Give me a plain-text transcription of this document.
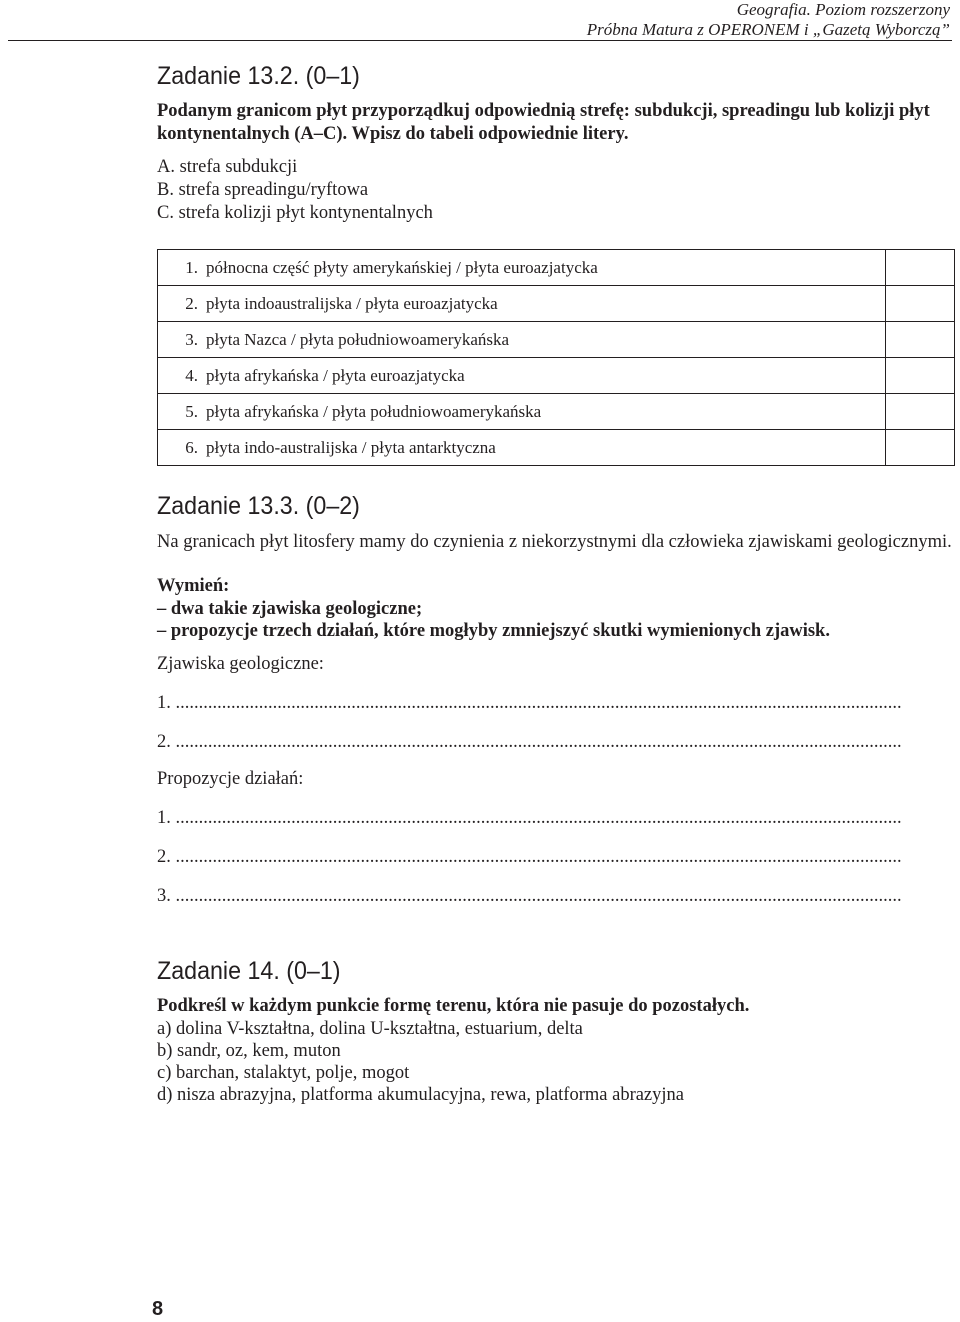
Geografia. Poziom rozszerzony
Próbna Matura z OPERONEM i „Gazetą Wyborczą”
Zadanie 13.2. (0–1)

Podanym granicom płyt przyporządkuj odpowiednią strefę: subdukcji, spreadingu lub kolizji płyt kontynentalnych (A–C). Wpisz do tabeli odpowiednie litery.

A. strefa subdukcji
B. strefa spreadingu/ryftowa
C. strefa kolizji płyt kontynentalnych
1.	północna część płyty amerykańskiej / płyta euroazjatycka	
2.	płyta indoaustralijska / płyta euroazjatycka	
3.	płyta Nazca / płyta południowoamerykańska	
4.	płyta afrykańska / płyta euroazjatycka	
5.	płyta afrykańska / płyta południowoamerykańska	
6.	płyta indo-australijska / płyta antarktyczna	
Zadanie 13.3. (0–2)

Na granicach płyt litosfery mamy do czynienia z niekorzystnymi dla człowieka zjawiskami geologicznymi.

Wymień:
– dwa takie zjawiska geologiczne;
– propozycje trzech działań, które mogłyby zmniejszyć skutki wymienionych zjawisk.
Zjawiska geologiczne:
1. .............................................................................................................................................................
2. .............................................................................................................................................................
Propozycje działań:
1. .............................................................................................................................................................
2. .............................................................................................................................................................
3. .............................................................................................................................................................
Zadanie 14. (0–1)
Podkreśl w każdym punkcie formę terenu, która nie pasuje do pozostałych.
a) dolina V-kształtna, dolina U-kształtna, estuarium, delta
b) sandr, oz, kem, muton
c) barchan, stalaktyt, polje, mogot
d) nisza abrazyjna, platforma akumulacyjna, rewa, platforma abrazyjna
8
